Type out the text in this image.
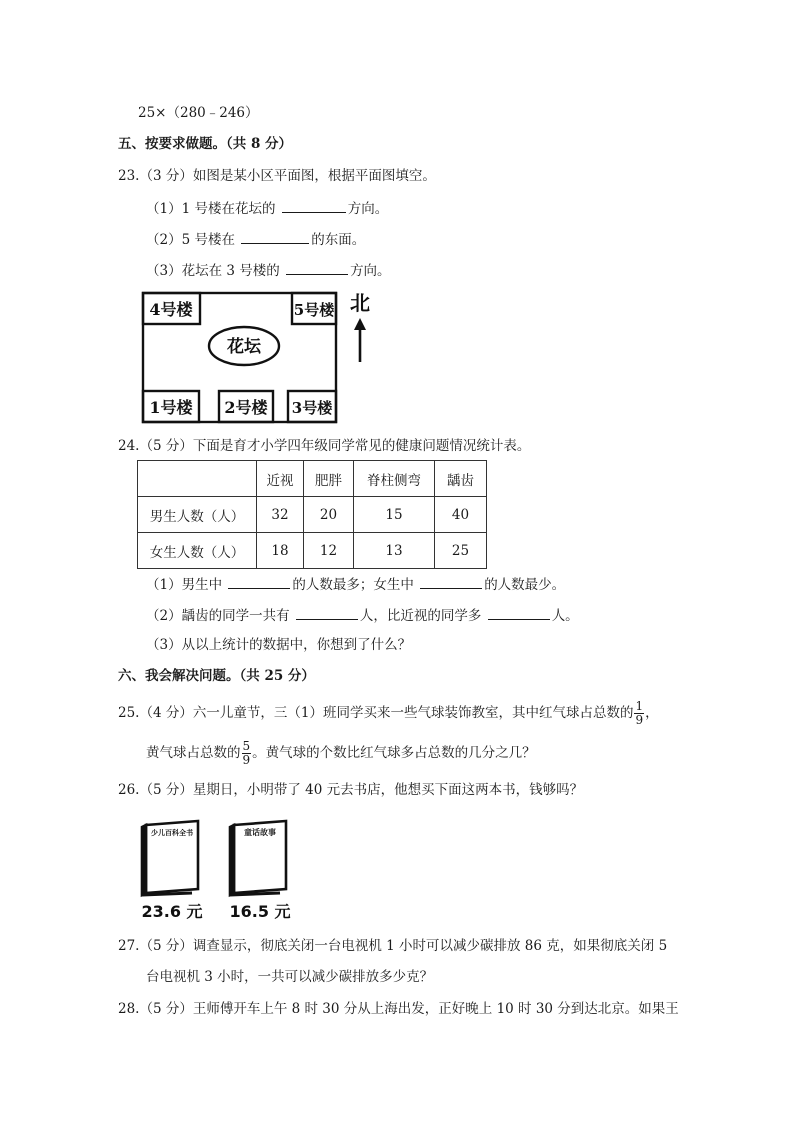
25×（280﹣246）
五、按要求做题。（共 8 分）
23.（3 分）如图是某小区平面图，根据平面图填空。
（1）1 号楼在花坛的	方向。
（2）5 号楼在	的东面。
（3）花坛在 3 号楼的	方向。
4号楼	5号楼
1号楼 2号楼 3号楼
花坛
北
24.（5 分）下面是育才小学四年级同学常见的健康问题情况统计表。
	近视	肥胖	脊柱侧弯	龋齿
男生人数（人）	32	20	15	40
女生人数（人）	18	12	13	25
（1）男生中	的人数最多；女生中	的人数最少。
（2）龋齿的同学一共有	人，比近视的同学多	人。
（3）从以上统计的数据中，你想到了什么？
六、我会解决问题。（共 25 分）
25.（4 分）六一儿童节，三（1）班同学买来一些气球装饰教室，其中红气球占总数的 $\frac{1}{9}$ ，
黄气球占总数的 $\frac{5}{9}$ 。黄气球的个数比红气球多占总数的几分之几？
26.（5 分）星期日，小明带了 40 元去书店，他想买下面这两本书，钱够吗？
少儿百科全书	童话故事
23.6 元 16.5 元
27.（5 分）调查显示，彻底关闭一台电视机 1 小时可以减少碳排放 86 克，如果彻底关闭 5
台电视机 3 小时，一共可以减少碳排放多少克？
28.（5 分）王师傅开车上午 8 时 30 分从上海出发，正好晚上 10 时 30 分到达北京。如果王
